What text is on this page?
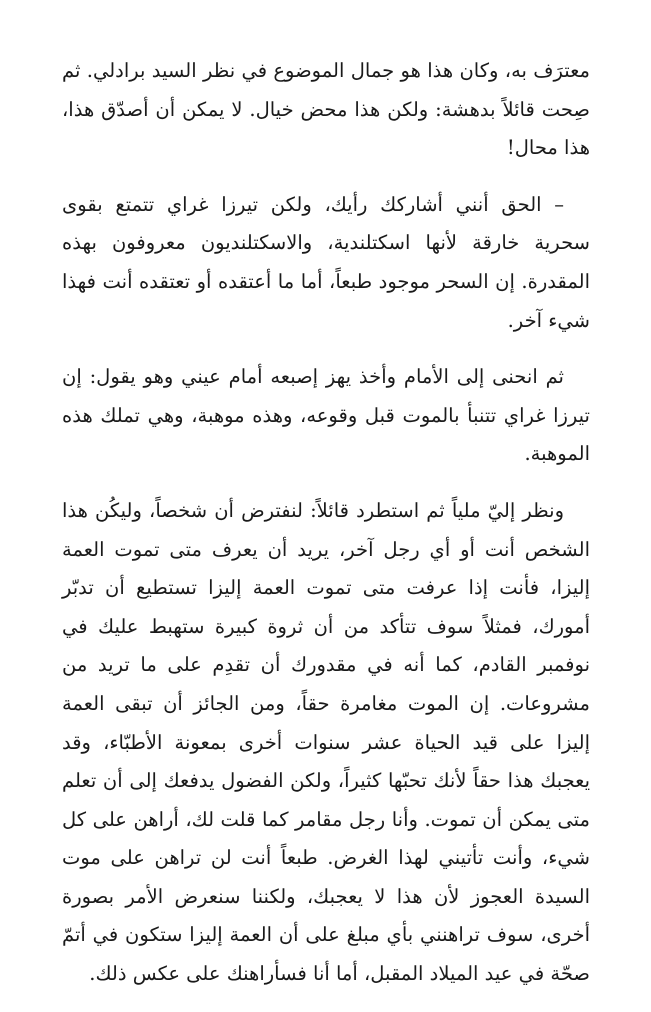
معترَف به، وكان هذا هو جمال الموضوع في نظر السيد برادلي. ثم صِحت قائلاً بدهشة: ولكن هذا محض خيال. لا يمكن أن أصدّق هذا، هذا محال!

– الحق أنني أشاركك رأيك، ولكن تيرزا غراي تتمتع بقوى سحرية خارقة لأنها اسكتلندية، والاسكتلنديون معروفون بهذه المقدرة. إن السحر موجود طبعاً، أما ما أعتقده أو تعتقده أنت فهذا شيء آخر.

ثم انحنى إلى الأمام وأخذ يهز إصبعه أمام عيني وهو يقول: إن تيرزا غراي تتنبأ بالموت قبل وقوعه، وهذه موهبة، وهي تملك هذه الموهبة.

ونظر إليّ ملياً ثم استطرد قائلاً: لنفترض أن شخصاً، وليكُن هذا الشخص أنت أو أي رجل آخر، يريد أن يعرف متى تموت العمة إليزا، فأنت إذا عرفت متى تموت العمة إليزا تستطيع أن تدبّر أمورك، فمثلاً سوف تتأكد من أن ثروة كبيرة ستهبط عليك في نوفمبر القادم، كما أنه في مقدورك أن تقدِم على ما تريد من مشروعات. إن الموت مغامرة حقاً، ومن الجائز أن تبقى العمة إليزا على قيد الحياة عشر سنوات أخرى بمعونة الأطبّاء، وقد يعجبك هذا حقاً لأنك تحبّها كثيراً، ولكن الفضول يدفعك إلى أن تعلم متى يمكن أن تموت. وأنا رجل مقامر كما قلت لك، أراهن على كل شيء، وأنت تأتيني لهذا الغرض. طبعاً أنت لن تراهن على موت السيدة العجوز لأن هذا لا يعجبك، ولكننا سنعرض الأمر بصورة أخرى، سوف تراهنني بأي مبلغ على أن العمة إليزا ستكون في أتمّ صحّة في عيد الميلاد المقبل، أما أنا فسأراهنك على عكس ذلك.
